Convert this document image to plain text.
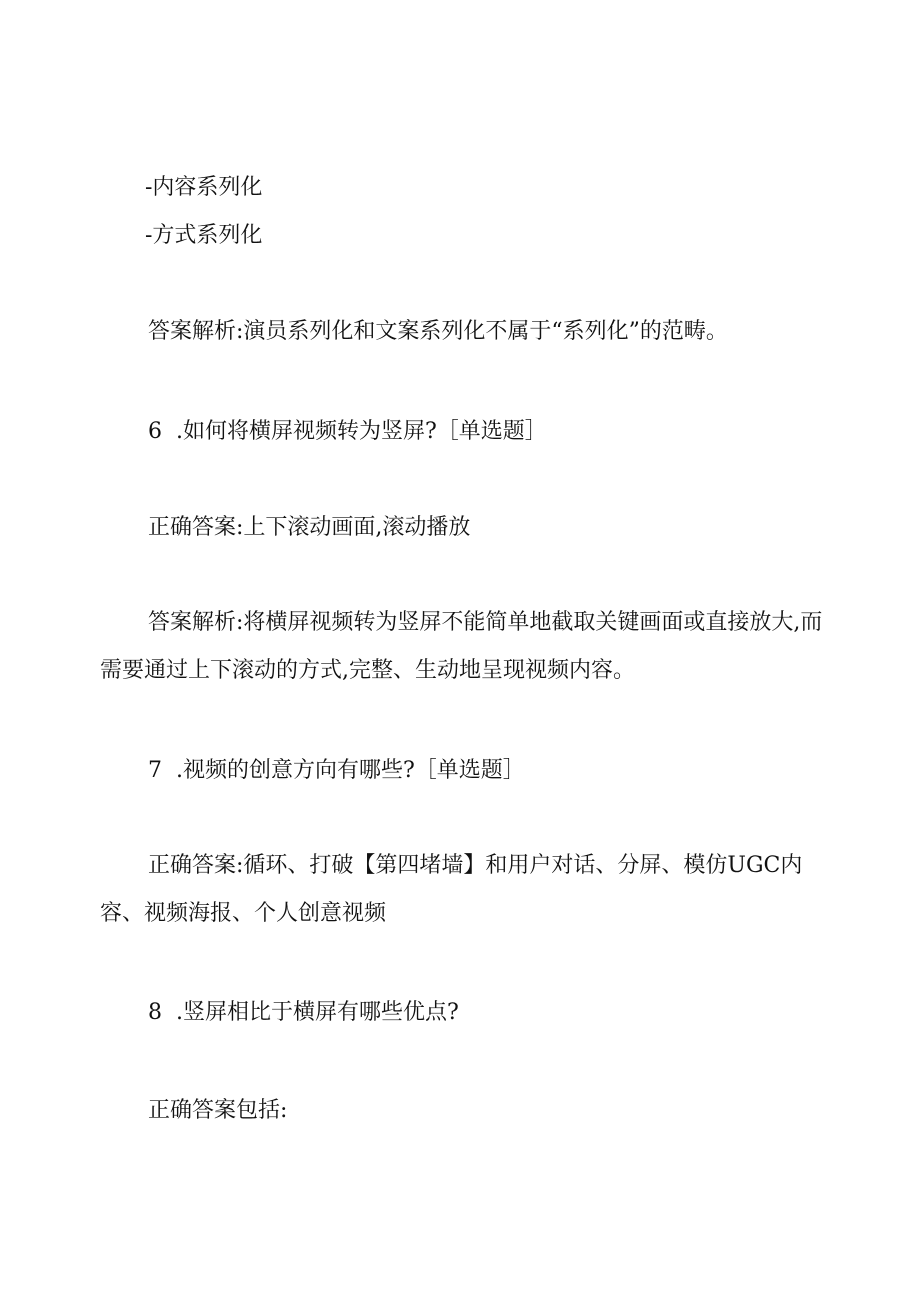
-内容系列化

-方式系列化

答案解析:演员系列化和文案系列化不属于“系列化”的范畴。

6 .如何将横屏视频转为竖屏?［单选题］

正确答案:上下滚动画面,滚动播放

答案解析:将横屏视频转为竖屏不能简单地截取关键画面或直接放大,而

需要通过上下滚动的方式,完整、生动地呈现视频内容。

7 .视频的创意方向有哪些?［单选题］

正确答案:循环、打破【第四堵墙】和用户对话、分屏、模仿UGC内

容、视频海报、个人创意视频

8 .竖屏相比于横屏有哪些优点?

正确答案包括:
